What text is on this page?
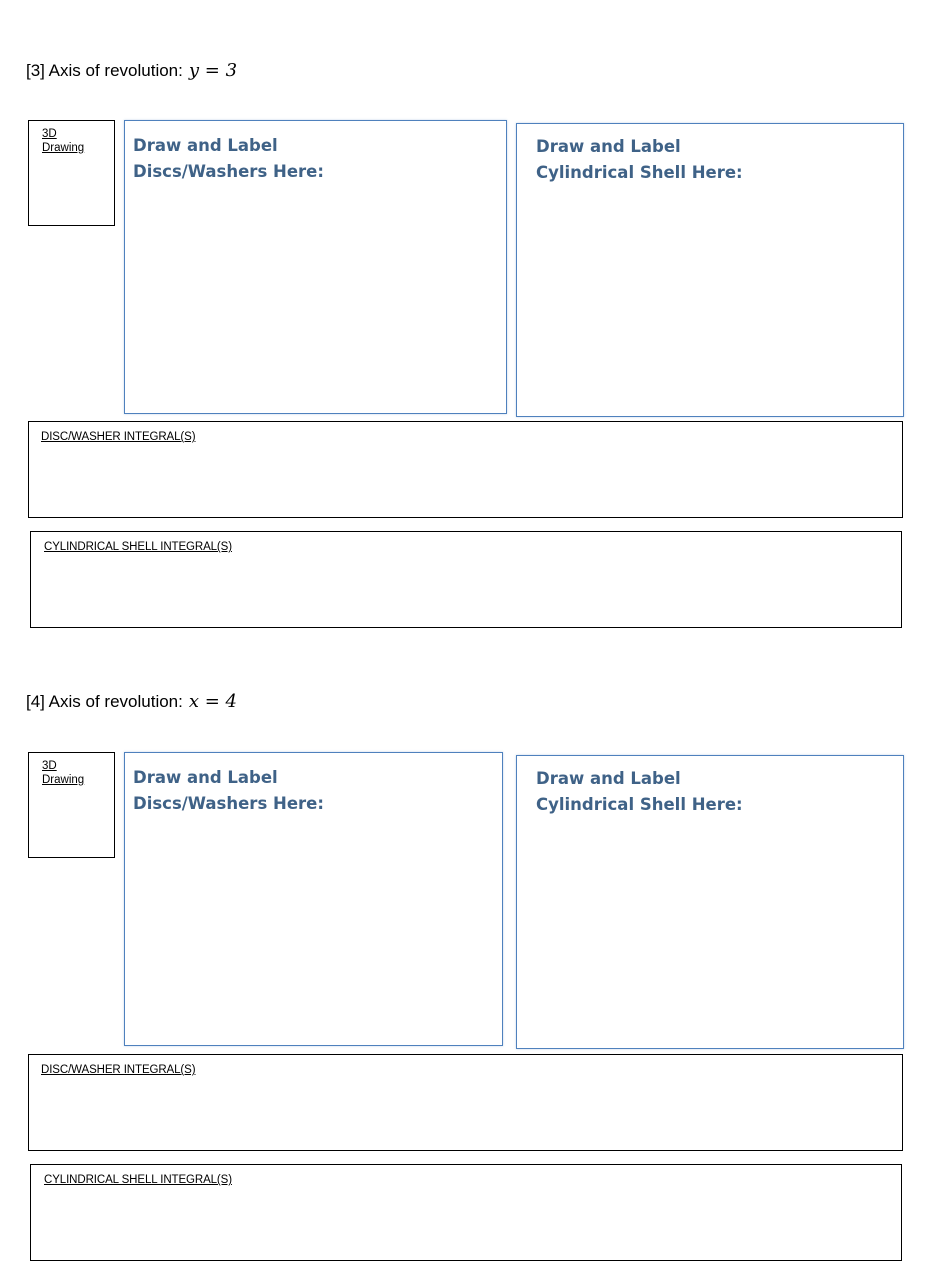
[3] Axis of revolution: y = 3
3D
Drawing	Draw and Label
Discs/Washers Here:
Draw and Label
Cylindrical Shell Here:
DISC/WASHER INTEGRAL(S)
CYLINDRICAL SHELL INTEGRAL(S)
[4] Axis of revolution: x = 4
3D
Drawing	Draw and Label
Discs/Washers Here:
Draw and Label
Cylindrical Shell Here:
DISC/WASHER INTEGRAL(S)
CYLINDRICAL SHELL INTEGRAL(S)
